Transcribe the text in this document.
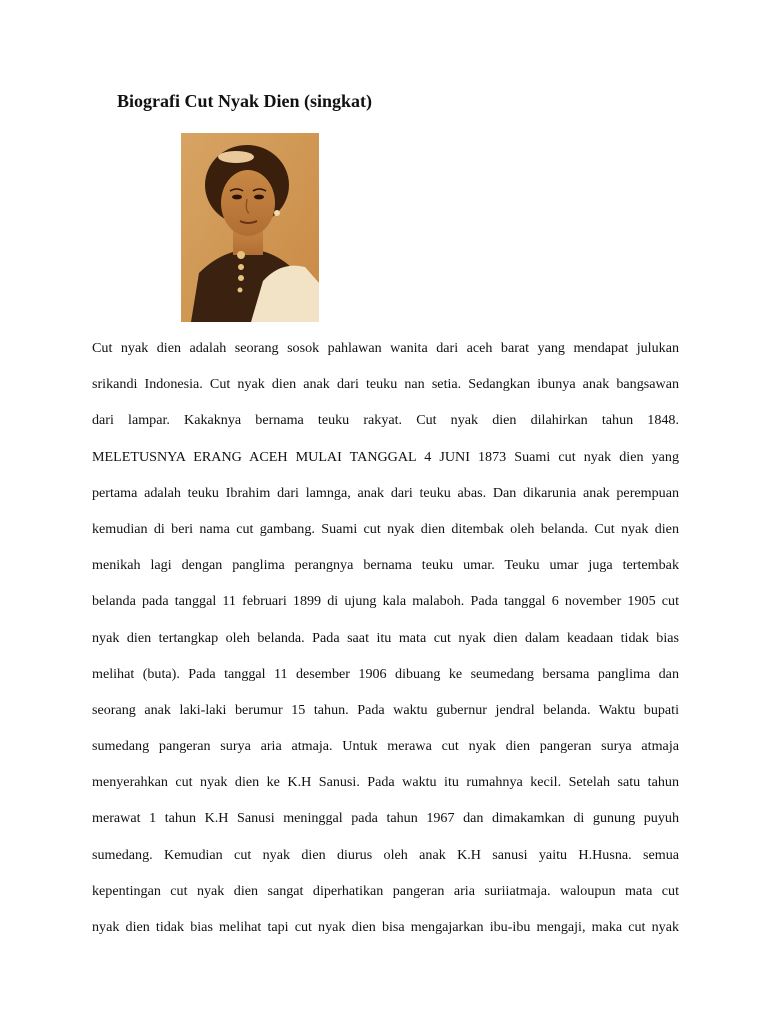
Biografi Cut Nyak Dien (singkat)
Cut nyak dien adalah seorang sosok pahlawan wanita dari aceh barat yang mendapat julukan
srikandi Indonesia. Cut nyak dien anak dari teuku nan setia. Sedangkan ibunya anak bangsawan
dari lampar. Kakaknya bernama teuku rakyat. Cut nyak dien dilahirkan tahun 1848.
MELETUSNYA ERANG ACEH MULAI TANGGAL 4 JUNI 1873 Suami cut nyak dien yang
pertama adalah teuku Ibrahim dari lamnga, anak dari teuku abas. Dan dikarunia anak perempuan
kemudian di beri nama cut gambang. Suami cut nyak dien ditembak oleh belanda. Cut nyak dien
menikah lagi dengan panglima perangnya bernama teuku umar. Teuku umar juga tertembak
belanda pada tanggal 11 februari 1899 di ujung kala malaboh. Pada tanggal 6 november 1905 cut
nyak dien tertangkap oleh belanda. Pada saat itu mata cut nyak dien dalam keadaan tidak bias
melihat (buta). Pada tanggal 11 desember 1906 dibuang ke seumedang bersama panglima dan
seorang anak laki-laki berumur 15 tahun. Pada waktu gubernur jendral belanda. Waktu bupati
sumedang pangeran surya aria atmaja. Untuk merawa cut nyak dien pangeran surya atmaja
menyerahkan cut nyak dien ke K.H Sanusi. Pada waktu itu rumahnya kecil. Setelah satu tahun
merawat 1 tahun K.H Sanusi meninggal pada tahun 1967 dan dimakamkan di gunung puyuh
sumedang. Kemudian cut nyak dien diurus oleh anak K.H sanusi yaitu H.Husna. semua
kepentingan cut nyak dien sangat diperhatikan pangeran aria suriiatmaja. waloupun mata cut
nyak dien tidak bias melihat tapi cut nyak dien bisa mengajarkan ibu-ibu mengaji, maka cut nyak
